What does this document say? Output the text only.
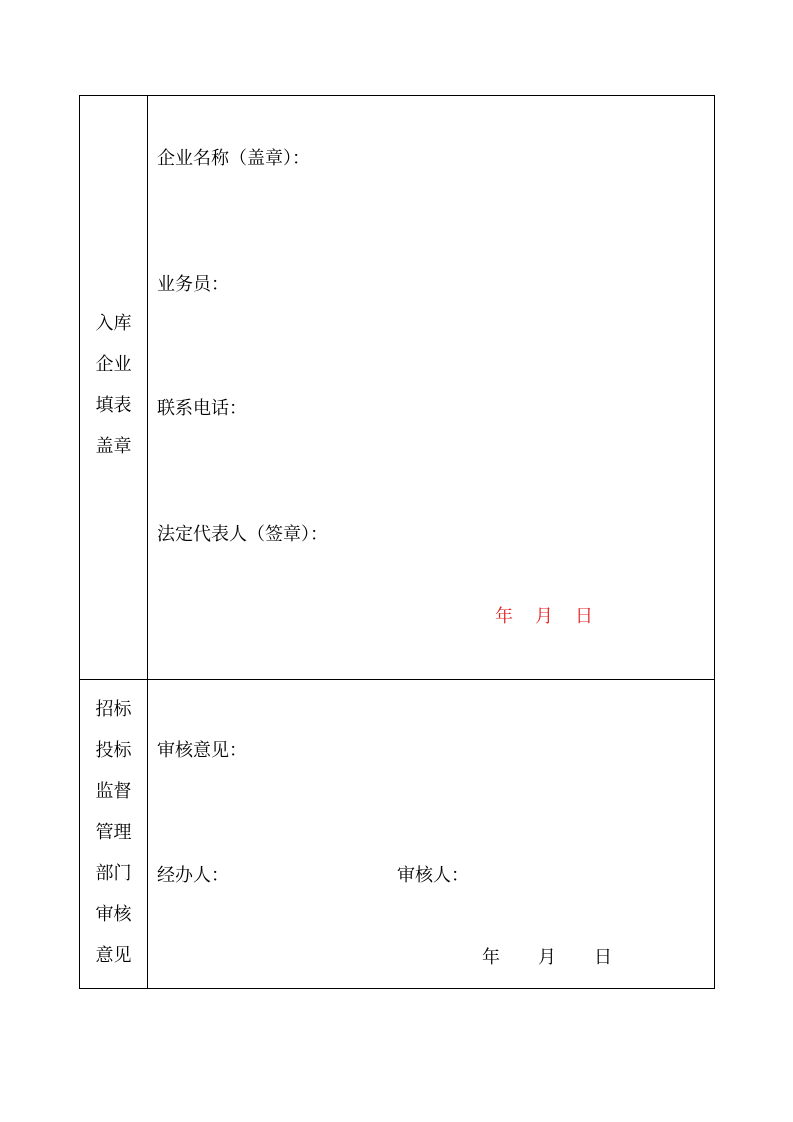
入库
企业
填表
盖章
企业名称（盖章）：
业务员：
联系电话：
法定代表人（签章）：
年 月 日
招标
投标
监督
管理
部门
审核
意见
审核意见：
经办人：	审核人：
年 月 日
